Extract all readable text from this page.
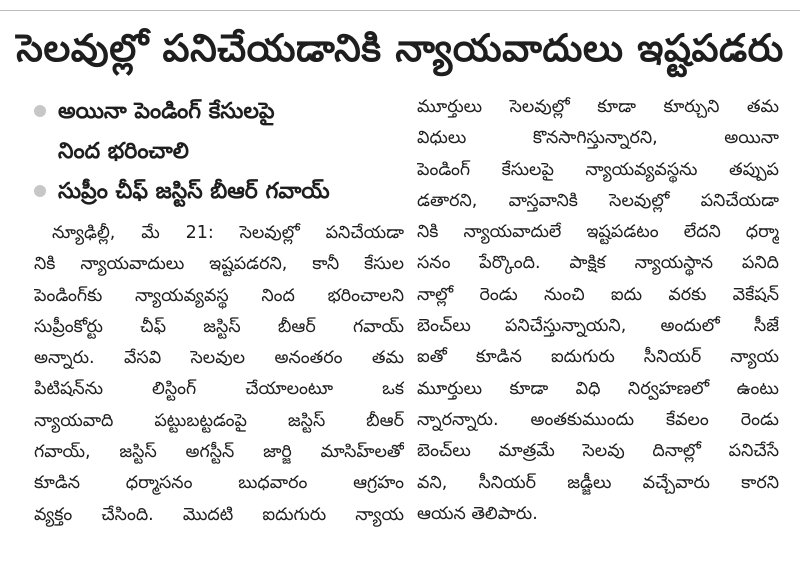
సెలవుల్లో పనిచేయడానికి న్యాయవాదులు ఇష్టపడరు
అయినా పెండింగ్ కేసులపై
నింద భరించాలి
సుప్రీం చీఫ్ జస్టిస్ బీఆర్ గవాయ్
న్యూఢిల్లీ, మే 21: సెలవుల్లో పనిచేయడా
నికి న్యాయవాదులు ఇష్టపడరని, కానీ కేసుల
పెండింగ్‌కు న్యాయవ్యవస్థ నింద భరించాలని
సుప్రీంకోర్టు చీఫ్ జస్టిస్ బీఆర్ గవాయ్
అన్నారు. వేసవి సెలవుల అనంతరం తమ
పిటిషన్‌ను లిస్టింగ్ చేయాలంటూ ఒక
న్యాయవాది పట్టుబట్టడంపై జస్టిస్ బీఆర్
గవాయ్, జస్టిస్ అగస్టీన్ జార్జి మాసిహ్‌లతో
కూడిన ధర్మాసనం బుధవారం ఆగ్రహం
వ్యక్తం చేసింది. మొదటి ఐదుగురు న్యాయ
మూర్తులు సెలవుల్లో కూడా కూర్చుని తమ
విధులు కొనసాగిస్తున్నారని, అయినా
పెండింగ్ కేసులపై న్యాయవ్యవస్థను తప్పుప
డతారని, వాస్తవానికి సెలవుల్లో పనిచేయడా
నికి న్యాయవాదులే ఇష్టపడటం లేదని ధర్మా
సనం పేర్కొంది. పాక్షిక న్యాయస్థాన పనిది
నాల్లో రెండు నుంచి ఐదు వరకు వెకేషన్
బెంచ్‌లు పనిచేస్తున్నాయని, అందులో సీజే
ఐతో కూడిన ఐదుగురు సీనియర్ న్యాయ
మూర్తులు కూడా విధి నిర్వహణలో ఉంటు
న్నారన్నారు. అంతకుముందు కేవలం రెండు
బెంచ్‌లు మాత్రమే సెలవు దినాల్లో పనిచేసే
వని, సీనియర్ జడ్జీలు వచ్చేవారు కారని
ఆయన తెలిపారు.
